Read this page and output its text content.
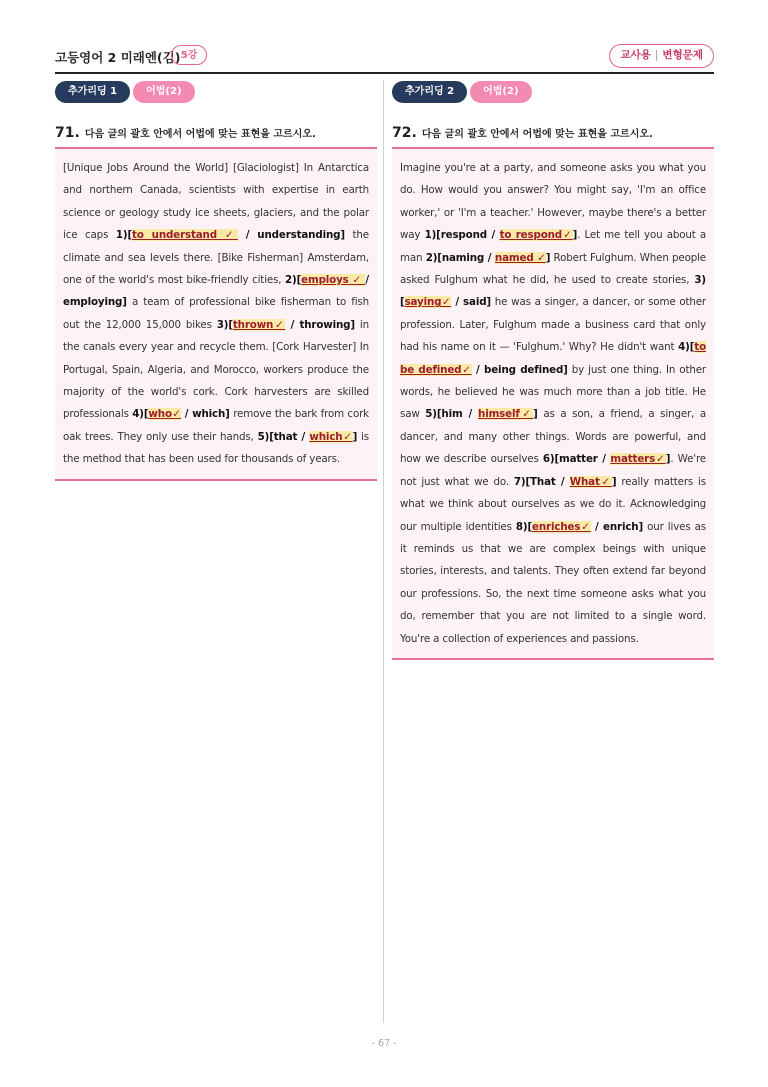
고등영어 2 미래엔(김) 5강	교사용 | 변형문제
추가리딩 1	어법(2)
71. 다음 글의 괄호 안에서 어법에 맞는 표현을 고르시오.
[Unique Jobs Around the World] [Glaciologist] In Antarctica and northern Canada, scientists with expertise in earth science or geology study ice sheets, glaciers, and the polar ice caps 1)[to understand ✓ / understanding] the climate and sea levels there. [Bike Fisherman] Amsterdam, one of the world's most bike-friendly cities, 2)[employs ✓ / employing] a team of professional bike fisherman to fish out the 12,000 15,000 bikes 3)[thrown✓ / throwing] in the canals every year and recycle them. [Cork Harvester] In Portugal, Spain, Algeria, and Morocco, workers produce the majority of the world's cork. Cork harvesters are skilled professionals 4)[who✓ / which] remove the bark from cork oak trees. They only use their hands, 5)[that / which✓] is the method that has been used for thousands of years.
추가리딩 2	어법(2)
72. 다음 글의 괄호 안에서 어법에 맞는 표현을 고르시오.
Imagine you're at a party, and someone asks you what you do. How would you answer? You might say, 'I'm an office worker,' or 'I'm a teacher.' However, maybe there's a better way 1)[respond / to respond✓]. Let me tell you about a man 2)[naming / named ✓] Robert Fulghum. When people asked Fulghum what he did, he used to create stories, 3)[saying✓ / said] he was a singer, a dancer, or some other profession. Later, Fulghum made a business card that only had his name on it — 'Fulghum.' Why? He didn't want 4)[to be defined✓ / being defined] by just one thing. In other words, he believed he was much more than a job title. He saw 5)[him / himself✓] as a son, a friend, a singer, a dancer, and many other things. Words are powerful, and how we describe ourselves 6)[matter / matters✓]. We're not just what we do. 7)[That / What✓] really matters is what we think about ourselves as we do it. Acknowledging our multiple identities 8)[enriches✓ / enrich] our lives as it reminds us that we are complex beings with unique stories, interests, and talents. They often extend far beyond our professions. So, the next time someone asks what you do, remember that you are not limited to a single word. You're a collection of experiences and passions.
- 67 -
